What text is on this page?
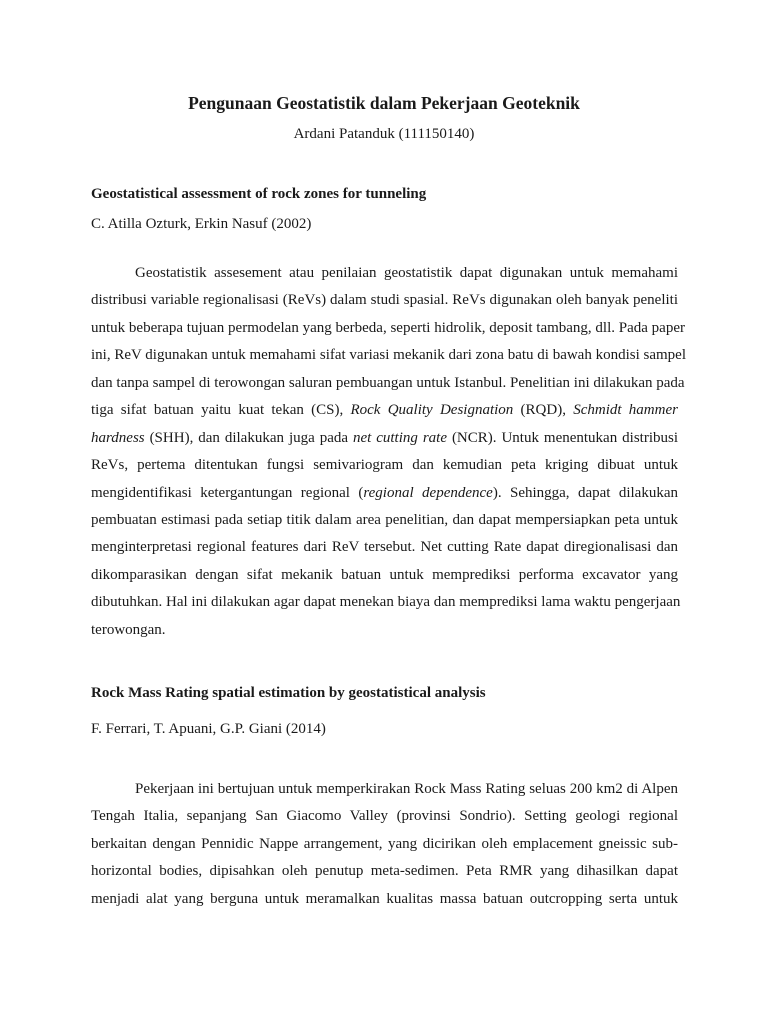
Pengunaan Geostatistik dalam Pekerjaan Geoteknik

Ardani Patanduk (111150140)

Geostatistical assessment of rock zones for tunneling

C. Atilla Ozturk, Erkin Nasuf (2002)

Geostatistik assesement atau penilaian geostatistik dapat digunakan untuk memahami
distribusi variable regionalisasi (ReVs) dalam studi spasial. ReVs digunakan oleh banyak peneliti
untuk beberapa tujuan permodelan yang berbeda, seperti hidrolik, deposit tambang, dll. Pada paper
ini, ReV digunakan untuk memahami sifat variasi mekanik dari zona batu di bawah kondisi sampel
dan tanpa sampel di terowongan saluran pembuangan untuk Istanbul. Penelitian ini dilakukan pada
tiga sifat batuan yaitu kuat tekan (CS), Rock Quality Designation (RQD), Schmidt hammer
hardness (SHH), dan dilakukan juga pada net cutting rate (NCR). Untuk menentukan distribusi
ReVs, pertema ditentukan fungsi semivariogram dan kemudian peta kriging dibuat untuk
mengidentifikasi ketergantungan regional (regional dependence). Sehingga, dapat dilakukan
pembuatan estimasi pada setiap titik dalam area penelitian, dan dapat mempersiapkan peta untuk
menginterpretasi regional features dari ReV tersebut. Net cutting Rate dapat diregionalisasi dan
dikomparasikan dengan sifat mekanik batuan untuk memprediksi performa excavator yang
dibutuhkan. Hal ini dilakukan agar dapat menekan biaya dan memprediksi lama waktu pengerjaan
terowongan.
Rock Mass Rating spatial estimation by geostatistical analysis

F. Ferrari, T. Apuani, G.P. Giani (2014)

Pekerjaan ini bertujuan untuk memperkirakan Rock Mass Rating seluas 200 km2 di Alpen
Tengah Italia, sepanjang San Giacomo Valley (provinsi Sondrio). Setting geologi regional
berkaitan dengan Pennidic Nappe arrangement, yang dicirikan oleh emplacement gneissic sub-
horizontal bodies, dipisahkan oleh penutup meta-sedimen. Peta RMR yang dihasilkan dapat
menjadi alat yang berguna untuk meramalkan kualitas massa batuan outcropping serta untuk
